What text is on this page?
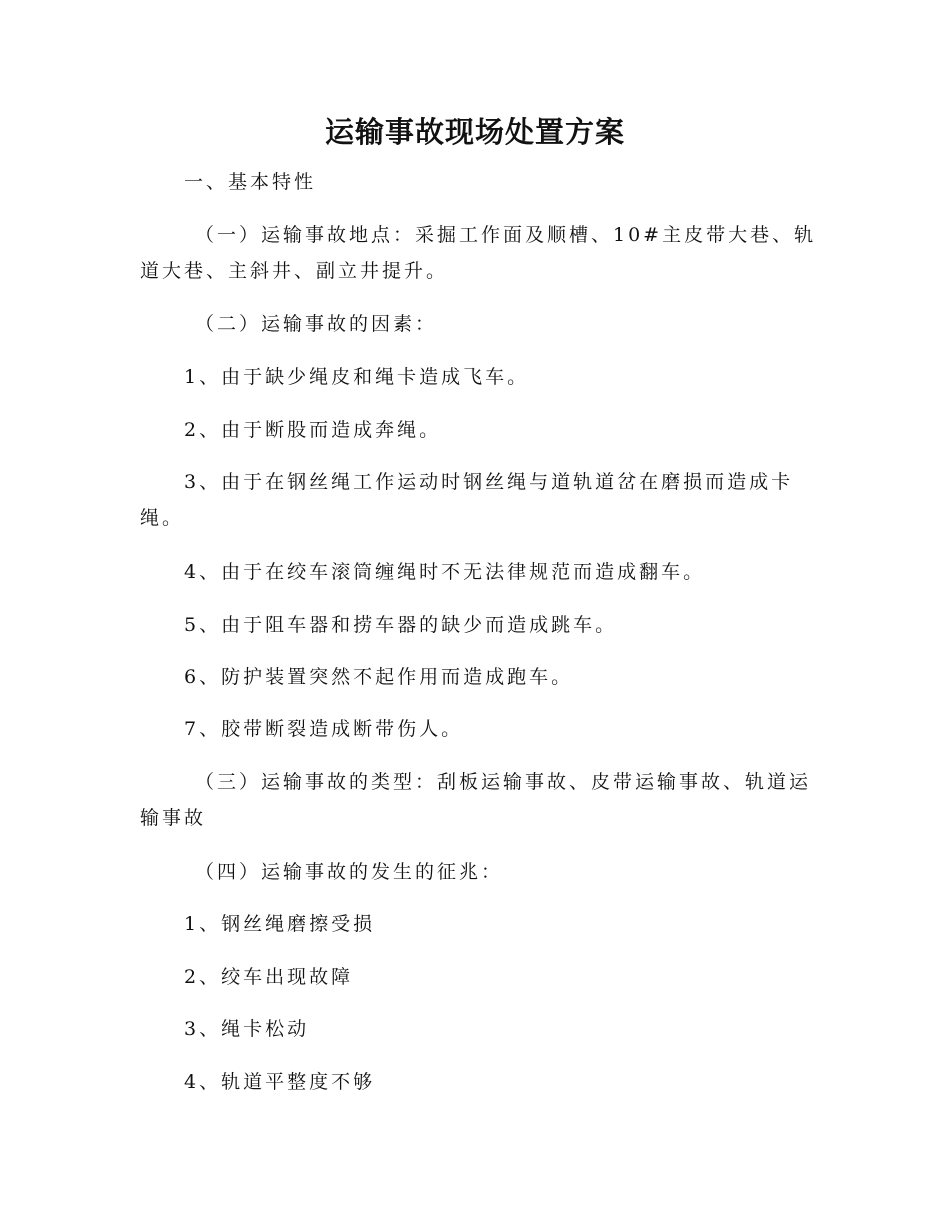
运输事故现场处置方案
一、基本特性
（一）运输事故地点：采掘工作面及顺槽、10#主皮带大巷、轨
道大巷、主斜井、副立井提升。
（二）运输事故的因素：
1、由于缺少绳皮和绳卡造成飞车。
2、由于断股而造成奔绳。
3、由于在钢丝绳工作运动时钢丝绳与道轨道岔在磨损而造成卡
绳。
4、由于在绞车滚筒缠绳时不无法律规范而造成翻车。
5、由于阻车器和捞车器的缺少而造成跳车。
6、防护装置突然不起作用而造成跑车。
7、胶带断裂造成断带伤人。
（三）运输事故的类型：刮板运输事故、皮带运输事故、轨道运
输事故
（四）运输事故的发生的征兆：
1、钢丝绳磨擦受损
2、绞车出现故障
3、绳卡松动
4、轨道平整度不够
